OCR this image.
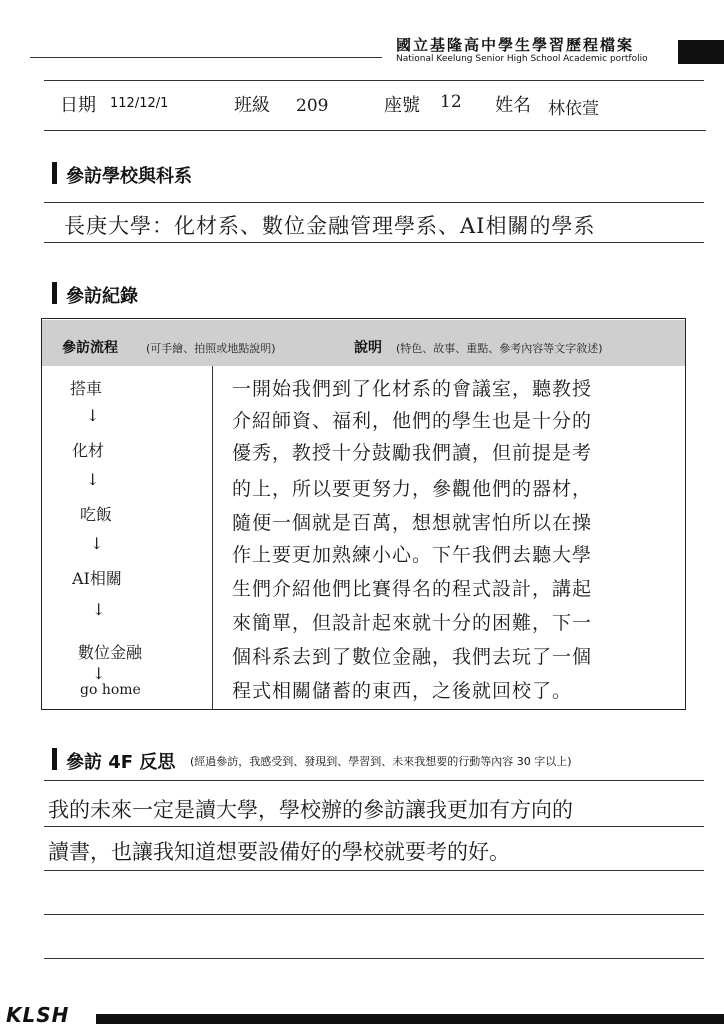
國立基隆高中學生學習歷程檔案
National Keelung Senior High School Academic portfolio
日期 112/12/1	班級 209	座號 12 姓名 林依萱
參訪學校與科系
長庚大學：化材系、數位金融管理學系、AI相關的學系
參訪紀錄
參訪流程	(可手繪、拍照或地點說明)	說明 (特色、故事、重點、參考內容等文字敘述)
搭車
↓
化材
↓
吃飯
↓
AI相關
↓
數位金融
↓
go home
一開始我們到了化材系的會議室，聽教授
介紹師資、福利，他們的學生也是十分的
優秀，教授十分鼓勵我們讀，但前提是考
的上，所以要更努力，參觀他們的器材，
隨便一個就是百萬，想想就害怕所以在操
作上要更加熟練小心。下午我們去聽大學
生們介紹他們比賽得名的程式設計，講起
來簡單，但設計起來就十分的困難，下一
個科系去到了數位金融，我們去玩了一個
程式相關儲蓄的東西，之後就回校了。
參訪 4F 反思 (經過參訪，我感受到、發現到、學習到、未來我想要的行動等內容 30 字以上)
我的未來一定是讀大學，學校辦的參訪讓我更加有方向的
讀書，也讓我知道想要設備好的學校就要考的好。
KLSH
